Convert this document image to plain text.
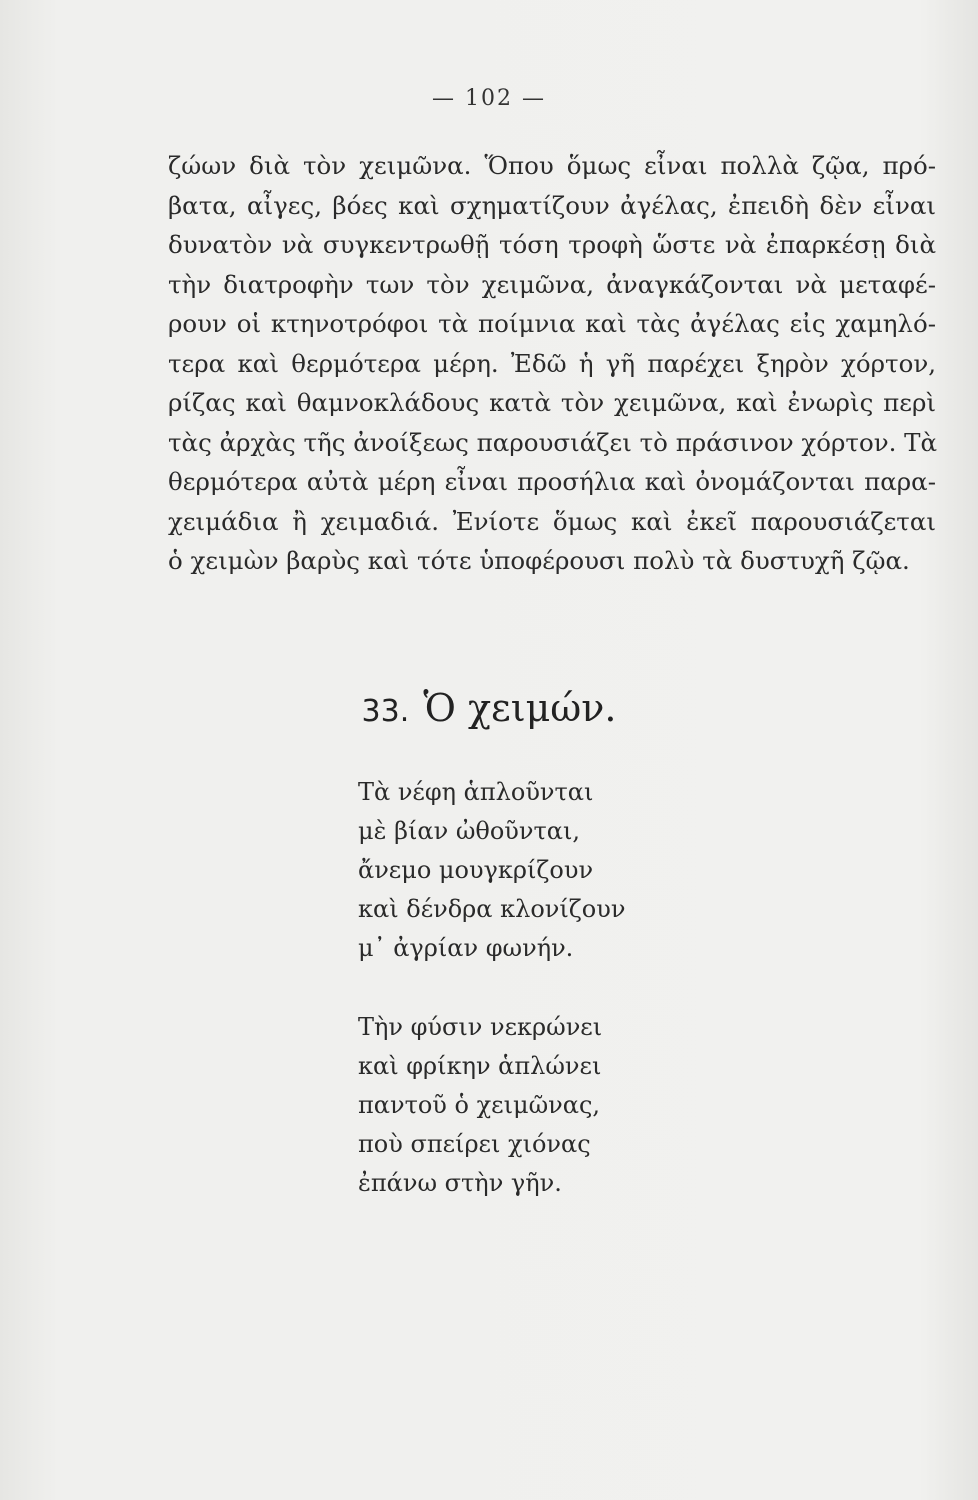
— 102 —
ζώων διὰ τὸν χειμῶνα. Ὅπου ὅμως εἶναι πολλὰ ζῷα, πρό-
βατα, αἶγες, βόες καὶ σχηματίζουν ἀγέλας, ἐπειδὴ δὲν εἶναι
δυνατὸν νὰ συγκεντρωθῇ τόση τροφὴ ὥστε νὰ ἐπαρκέσῃ διὰ
τὴν διατροφὴν των τὸν χειμῶνα, ἀναγκάζονται νὰ μεταφέ-
ρουν οἱ κτηνοτρόφοι τὰ ποίμνια καὶ τὰς ἀγέλας εἰς χαμηλό-
τερα καὶ θερμότερα μέρη. Ἐδῶ ἡ γῆ παρέχει ξηρὸν χόρτον,
ρίζας καὶ θαμνοκλάδους κατὰ τὸν χειμῶνα, καὶ ἐνωρὶς περὶ
τὰς ἀρχὰς τῆς ἀνοίξεως παρουσιάζει τὸ πράσινον χόρτον. Τὰ
θερμότερα αὐτὰ μέρη εἶναι προσήλια καὶ ὀνομάζονται παρα-
χειμάδια ἢ χειμαδιά. Ἐνίοτε ὅμως καὶ ἐκεῖ παρουσιάζεται
ὁ χειμὼν βαρὺς καὶ τότε ὑποφέρουσι πολὺ τὰ δυστυχῆ ζῷα.
33. Ὁ χειμών.
Τὰ νέφη ἁπλοῦνται
μὲ βίαν ὠθοῦνται,
ἄνεμο μουγκρίζουν
καὶ δένδρα κλονίζουν
μ᾽ ἀγρίαν φωνήν.
Τὴν φύσιν νεκρώνει
καὶ φρίκην ἁπλώνει
παντοῦ ὁ χειμῶνας,
ποὺ σπείρει χιόνας
ἐπάνω στὴν γῆν.
